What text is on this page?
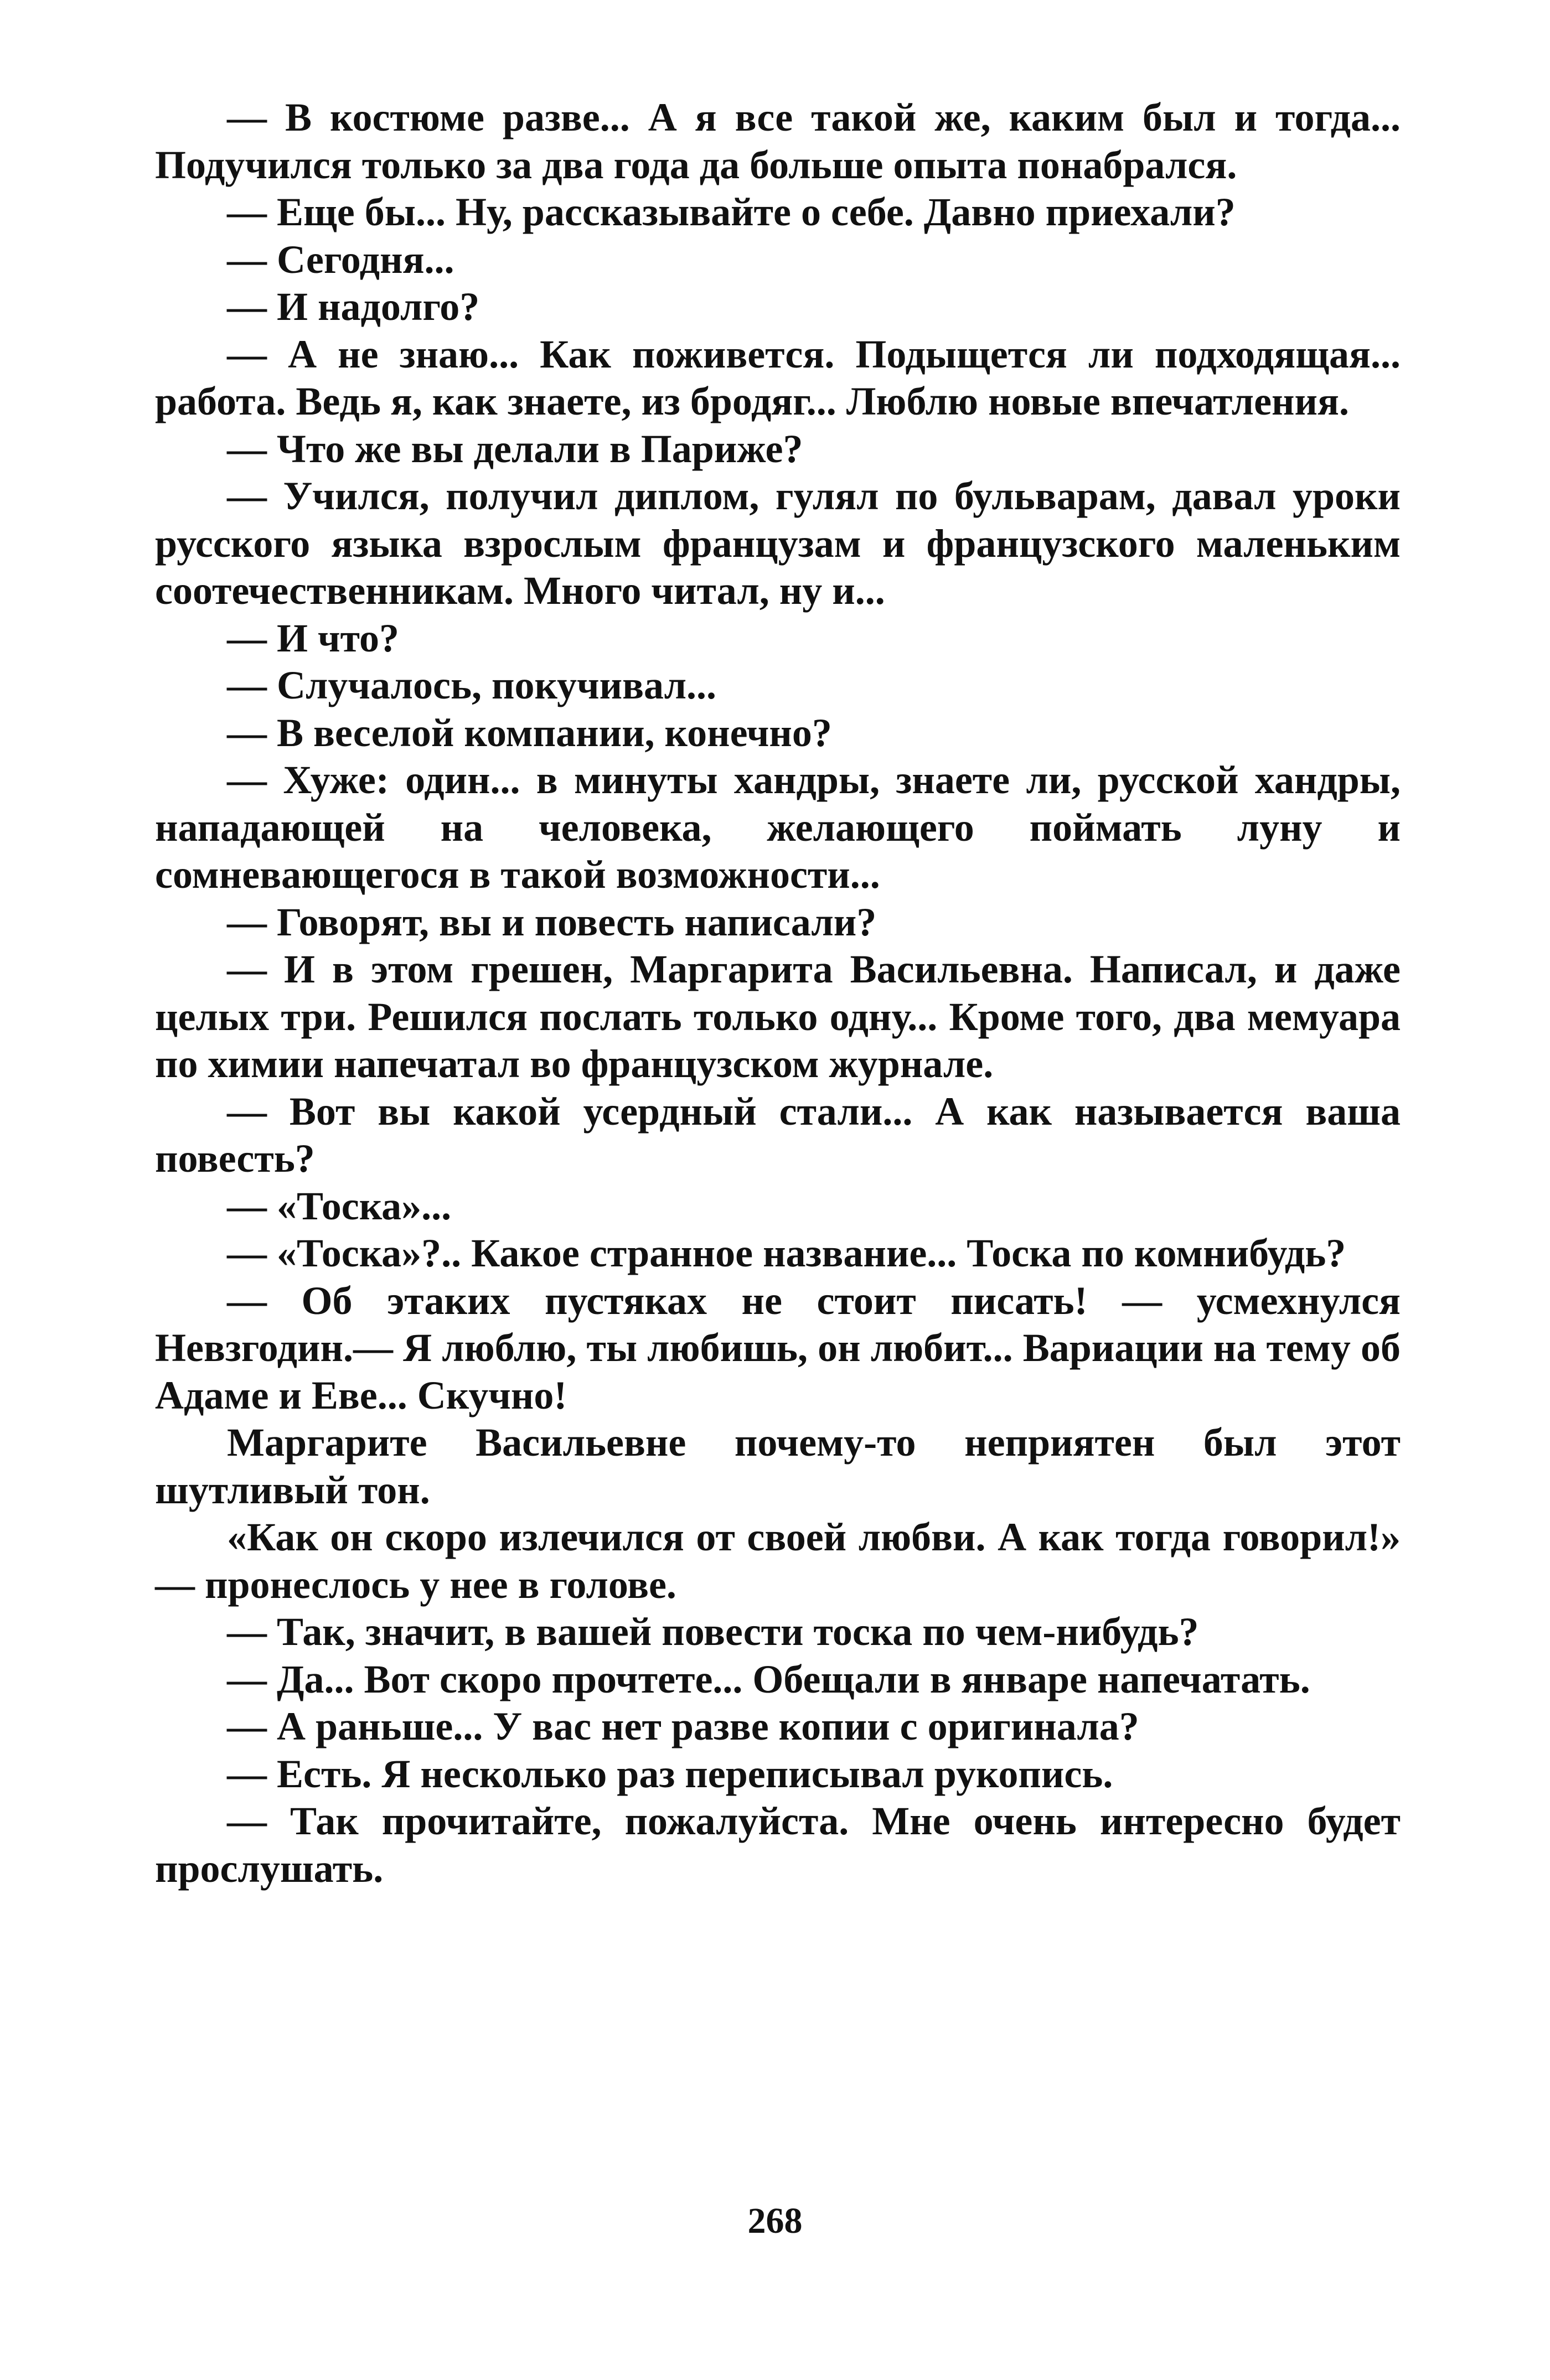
— В костюме разве... А я все такой же, каким был и тогда... Подучился только за два года да больше опыта понабрался.

— Еще бы... Ну, рассказывайте о себе. Давно приехали?

— Сегодня...

— И надолго?

— А не знаю... Как поживется. Подыщется ли подходящая... работа. Ведь я, как знаете, из бродяг... Люблю новые впечатления.

— Что же вы делали в Париже?

— Учился, получил диплом, гулял по бульварам, давал уроки русского языка взрослым французам и французского маленьким соотечественникам. Много читал, ну и...

— И что?

— Случалось, покучивал...

— В веселой компании, конечно?

— Хуже: один... в минуты хандры, знаете ли, русской хандры, нападающей на человека, желающего поймать луну и сомневающегося в такой возможности...

— Говорят, вы и повесть написали?

— И в этом грешен, Маргарита Васильевна. Написал, и даже целых три. Решился послать только одну... Кроме того, два мемуара по химии напечатал во французском журнале.

— Вот вы какой усердный стали... А как называется ваша повесть?

— «Тоска»...

— «Тоска»?.. Какое странное название... Тоска по комнибудь?

— Об этаких пустяках не стоит писать! — усмехнулся Невзгодин.— Я люблю, ты любишь, он любит... Вариации на тему об Адаме и Еве... Скучно!

Маргарите Васильевне почему-то неприятен был этот шутливый тон.

«Как он скоро излечился от своей любви. А как тогда говорил!» — пронеслось у нее в голове.

— Так, значит, в вашей повести тоска по чем-нибудь?

— Да... Вот скоро прочтете... Обещали в январе напечатать.

— А раньше... У вас нет разве копии с оригинала?

— Есть. Я несколько раз переписывал рукопись.

— Так прочитайте, пожалуйста. Мне очень интересно будет прослушать.

268
